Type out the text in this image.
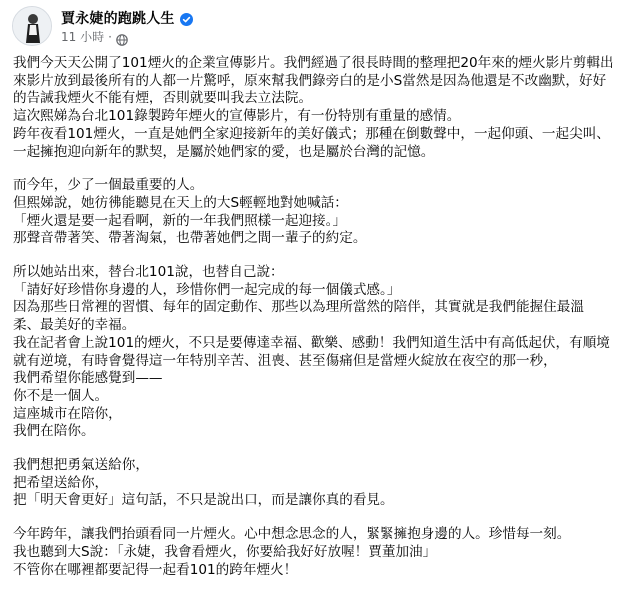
賈永婕的跑跳人生
11 小時 ·
我們今天天公開了101煙火的企業宣傳影片。我們經過了很長時間的整理把20年來的煙火影片剪輯出
來影片放到最後所有的人都一片驚呼，原來幫我們錄旁白的是小S當然是因為他還是不改幽默，好好
的告誡我煙火不能有煙，否則就要叫我去立法院。
這次熙娣為台北101錄製跨年煙火的宣傳影片，有一份特別有重量的感情。
跨年夜看101煙火，一直是她們全家迎接新年的美好儀式；那種在倒數聲中，一起仰頭、一起尖叫、
一起擁抱迎向新年的默契，是屬於她們家的愛，也是屬於台灣的記憶。
而今年，少了一個最重要的人。
但熙娣說，她彷彿能聽見在天上的大S輕輕地對她喊話：
「煙火還是要一起看啊，新的一年我們照樣一起迎接。」
那聲音帶著笑、帶著淘氣，也帶著她們之間一輩子的約定。
所以她站出來，替台北101說，也替自己說：
「請好好珍惜你身邊的人，珍惜你們一起完成的每一個儀式感。」
因為那些日常裡的習慣、每年的固定動作、那些以為理所當然的陪伴，其實就是我們能握住最溫
柔、最美好的幸福。
我在記者會上說101的煙火，不只是要傳達幸福、歡樂、感動！我們知道生活中有高低起伏，有順境
就有逆境，有時會覺得這一年特別辛苦、沮喪、甚至傷痛但是當煙火綻放在夜空的那一秒，
我們希望你能感覺到——
你不是一個人。
這座城市在陪你，
我們在陪你。
我們想把勇氣送給你，
把希望送給你，
把「明天會更好」這句話，不只是說出口，而是讓你真的看見。
今年跨年，讓我們抬頭看同一片煙火。心中想念思念的人，緊緊擁抱身邊的人。珍惜每一刻。
我也聽到大S說：「永婕，我會看煙火，你要給我好好放喔！賈董加油」
不管你在哪裡都要記得一起看101的跨年煙火！
